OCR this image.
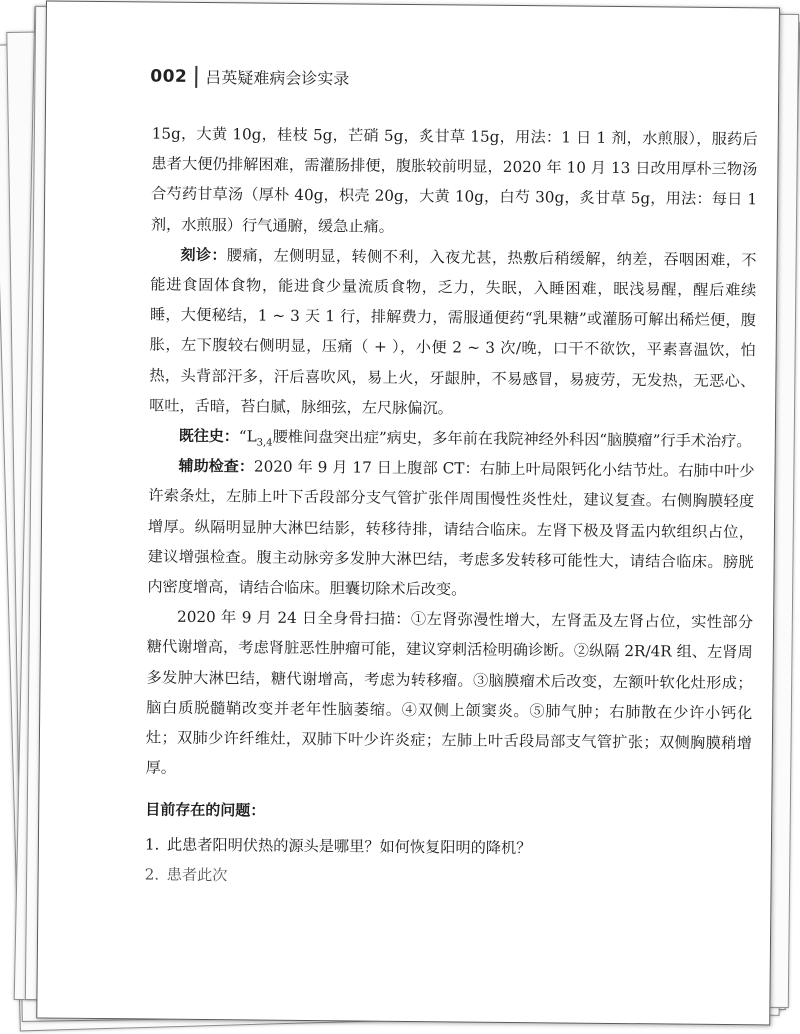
002 吕英疑难病会诊实录

15g，大黄 10g，桂枝 5g，芒硝 5g，炙甘草 15g，用法：1 日 1 剂，水煎服），服药后患者大便仍排解困难，需灌肠排便，腹胀较前明显，2020 年 10 月 13 日改用厚朴三物汤合芍药甘草汤（厚朴 40g，枳壳 20g，大黄 10g，白芍 30g，炙甘草 5g，用法：每日 1 剂，水煎服）行气通腑，缓急止痛。

刻诊：腰痛，左侧明显，转侧不利，入夜尤甚，热敷后稍缓解，纳差，吞咽困难，不能进食固体食物，能进食少量流质食物，乏力，失眠，入睡困难，眠浅易醒，醒后难续睡，大便秘结，1 ~ 3 天 1 行，排解费力，需服通便药“乳果糖”或灌肠可解出稀烂便，腹胀，左下腹较右侧明显，压痛（ + ），小便 2 ~ 3 次/晚，口干不欲饮，平素喜温饮，怕热，头背部汗多，汗后喜吹风，易上火，牙龈肿，不易感冒，易疲劳，无发热，无恶心、呕吐，舌暗，苔白腻，脉细弦，左尺脉偏沉。

既往史：“$L_{3,4}$腰椎间盘突出症”病史，多年前在我院神经外科因“脑膜瘤”行手术治疗。

辅助检查：2020 年 9 月 17 日上腹部 CT：右肺上叶局限钙化小结节灶。右肺中叶少许索条灶，左肺上叶下舌段部分支气管扩张伴周围慢性炎性灶，建议复查。右侧胸膜轻度增厚。纵隔明显肿大淋巴结影，转移待排，请结合临床。左肾下极及肾盂内软组织占位，建议增强检查。腹主动脉旁多发肿大淋巴结，考虑多发转移可能性大，请结合临床。膀胱内密度增高，请结合临床。胆囊切除术后改变。

2020 年 9 月 24 日全身骨扫描：①左肾弥漫性增大，左肾盂及左肾占位，实性部分糖代谢增高，考虑肾脏恶性肿瘤可能，建议穿刺活检明确诊断。②纵隔 2R/4R 组、左肾周多发肿大淋巴结，糖代谢增高，考虑为转移瘤。③脑膜瘤术后改变，左额叶软化灶形成；脑白质脱髓鞘改变并老年性脑萎缩。④双侧上颌窦炎。⑤肺气肿；右肺散在少许小钙化灶；双肺少许纤维灶，双肺下叶少许炎症；左肺上叶舌段局部支气管扩张；双侧胸膜稍增厚。

目前存在的问题：

1. 此患者阳明伏热的源头是哪里？如何恢复阳明的降机？
2. 患者此次
